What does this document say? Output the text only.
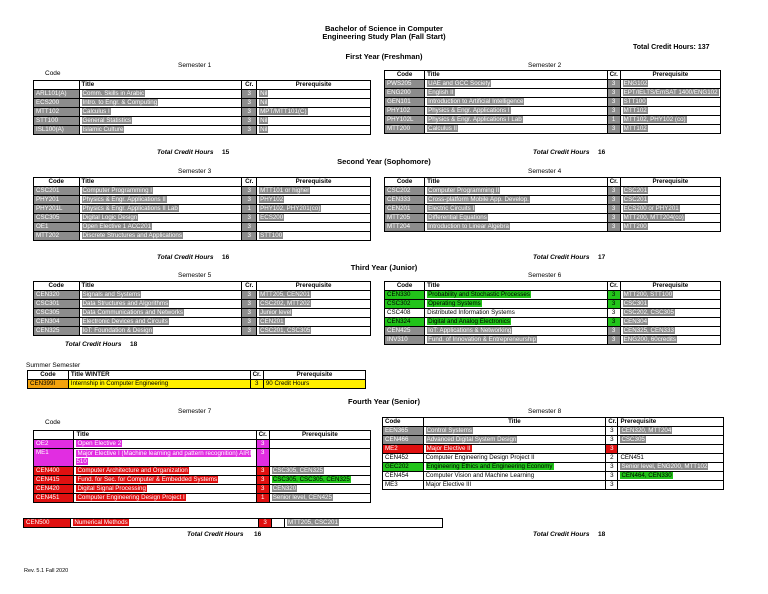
Bachelor of Science in Computer
Engineering Study Plan (Fall Start)
Total Credit Hours: 137
First Year (Freshman)
Semester 1
Code
	Title	Cr.	Prerequisite
ARL101(A)	Comm. Skills in Arabic	3	Nil
ECS200	Intro. to Engr. & Computing	3	Nil
MTT102	Calculus I	3	MPT/MTT101(C)
STT100	General Statistics	3	Nil
ISL100(A)	Islamic Culture	3	Nil
Total Credit Hours 15
Semester 2
Code	Title	Cr.	Prerequisite
PWS205	UAE and GCC Society	3	ENG102
ENG200	English II	3	EPT/IELTS/EmSAT 1400/ENG102
GEN101	Introduction to Artificial Intelligence	3	STT100
PHY102	Physics & Engr. Applications I	3	MTT102
PHY102L	Physics & Engr. Applications I Lab	1	MTT102, PHY102 (co)
MTT200	Calculus II	3	MTT102
Total Credit Hours 16
Second Year (Sophomore)
Semester 3
Code	Title	Cr.	Prerequisite
CSC201	Computer Programming I	3	MTT101 or higher
PHY201	Physics & Engr. Applications II	3	PHY102
PHY201L	Physics & Engr. Applications II Lab	1	PHY102, PHY201(co)
CSC305	Digital Logic Design	3	ECS200
OE1	Open Elective 1 ACC201	3	
MTT202	Discrete Structures and Applications	3	STT100
Total Credit Hours 16
Semester 4
Code	Title	Cr.	Prerequisite
CSC202	Computer Programming II	3	CSC201
CEN333	Cross-platform Mobile App. Develop.	3	CSC201
CEN201	Electric Circuits I	3	ECS200 or PHY201
MTT205	Differential Equations	3	MTT200, MTT204(co)
MTT204	Introduction to Linear Algebra	3	MTT200
Total Credit Hours 17
Third Year (Junior)
Semester 5
Code	Title	Cr.	Prerequisite
CEN320	Signals and Systems	3	MTT205, CEN201
CSC301	Data Structures and Algorithms	3	CSC202, MTT202
CSC305	Data Communications and Networks	3	Junior level
CEN304	Electronic Devices and Circuits	3	CEN201
CEN325	IoT: Foundation & Design	3	CSC201, CSC305
Total Credit Hours 18
Semester 6
Code	Title	Cr.	Prerequisite
CEN330	Probability and Stochastic Processes	3	MTT200, STT100
CSC302	Operating Systems	3	CSC301
CSC408	Distributed Information Systems	3	CSC202, CSC305
CEN324	Digital and Analog Electronics	3	CEN304
CEN425	IoT: Applications & Networking	3	CEN325, CEN333
INV310	Fund. of Innovation & Entrepreneurship	3	ENG200, 60credits
Summer Semester
Code	Title WINTER	Cr.	Prerequisite
CEN399I	Internship in Computer Engineering	3	90 Credit Hours
Fourth Year (Senior)
Semester 7
Code
	Title	Cr.	Prerequisite
OE2	Open Elective 2	3	
ME1	Major Elective I (Machine learning and pattern recognition) AIRI 510	3	
CEN400	Computer Architecture and Organization	3	CSC305, CEN325
CEN415	Fund. for Sec. for Computer & Embedded Systems	3	CSC305, CSC305, CEN325
CEN420	Digital Signal Processing	3	CEN320
CEN451	Computer Engineering Design Project I	1	Senior level, CEN425
CEN500	Numerical Methods	3		MTT205, CSC201
Total Credit Hours 16
Semester 8
Code	Title	Cr.	Prerequisite
EEN365	Control Systems	3	CEN320, MTT204
CEN466	Advanced Digital System Design	3	CSC305
ME2	Major Elective II	3	
CEN452	Computer Engineering Design Project II	2	CEN451
GEC202	Engineering Ethics and Engineering Economy	3	Senior level, ENG200, MTT102
CEN454	Computer Vision and Machine Learning	3	CEN464, CEN330
ME3	Major Elective III	3	
Total Credit Hours 18
Rev. 5.1 Fall 2020
